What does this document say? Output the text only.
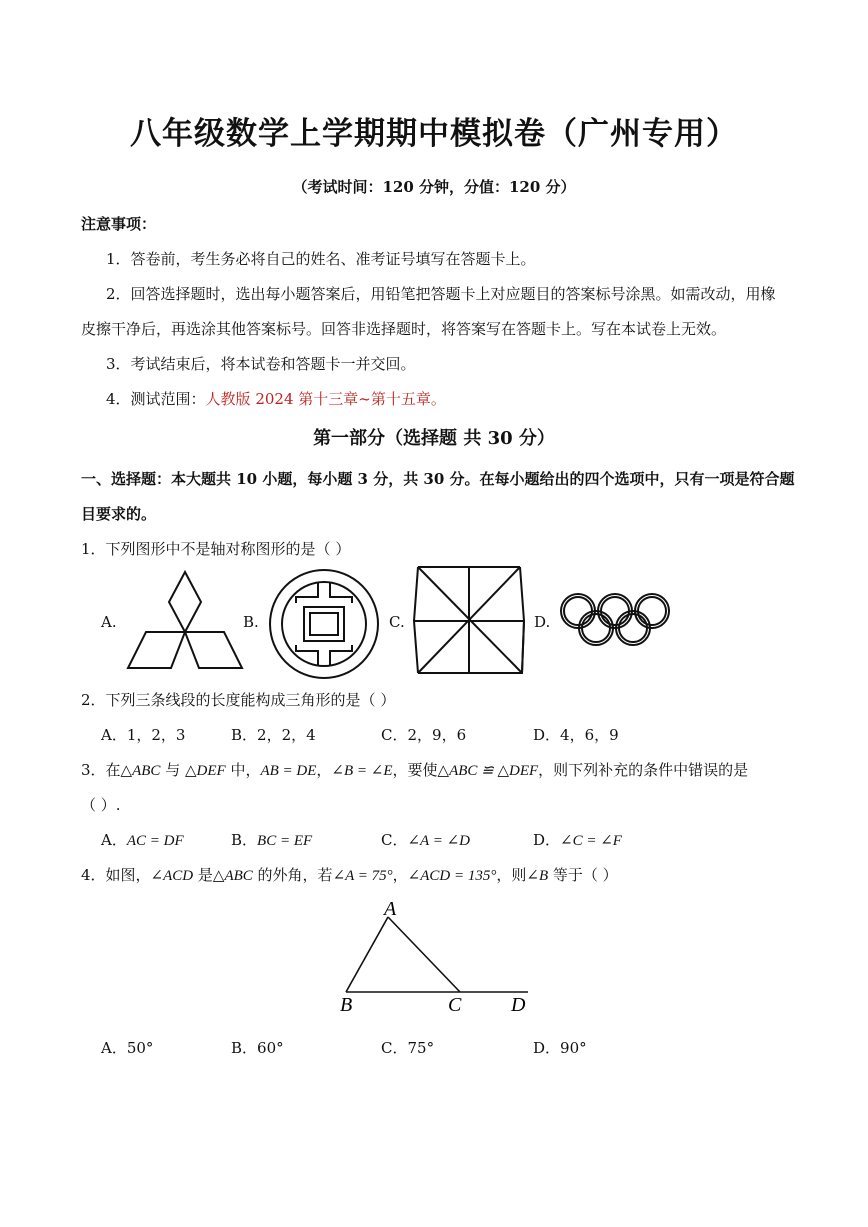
八年级数学上学期期中模拟卷（广州专用）
（考试时间：120 分钟，分值：120 分）
注意事项：
1．答卷前，考生务必将自己的姓名、准考证号填写在答题卡上。
2．回答选择题时，选出每小题答案后，用铅笔把答题卡上对应题目的答案标号涂黑。如需改动，用橡
皮擦干净后，再选涂其他答案标号。回答非选择题时，将答案写在答题卡上。写在本试卷上无效。
3．考试结束后，将本试卷和答题卡一并交回。
4．测试范围：人教版 2024 第十三章~第十五章。
第一部分（选择题 共 30 分）
一、选择题：本大题共 10 小题，每小题 3 分，共 30 分。在每小题给出的四个选项中，只有一项是符合题
目要求的。
1．下列图形中不是轴对称图形的是（ ）
A.	B.	C.	D.
2．下列三条线段的长度能构成三角形的是（ ）
A．1，2，3	B．2，2，4	C．2，9，6	D．4，6，9
3．在△ABC 与 △DEF 中，AB = DE，∠B = ∠E，要使△ABC ≌ △DEF，则下列补充的条件中错误的是
（ ）.
A．AC = DF	B．BC = EF	C．∠A = ∠D	D．∠C = ∠F
4．如图，∠ACD 是△ABC 的外角，若∠A = 75°，∠ACD = 135°，则∠B 等于（ ）
A
B	C D
A．50°	B．60°	C．75°	D．90°
